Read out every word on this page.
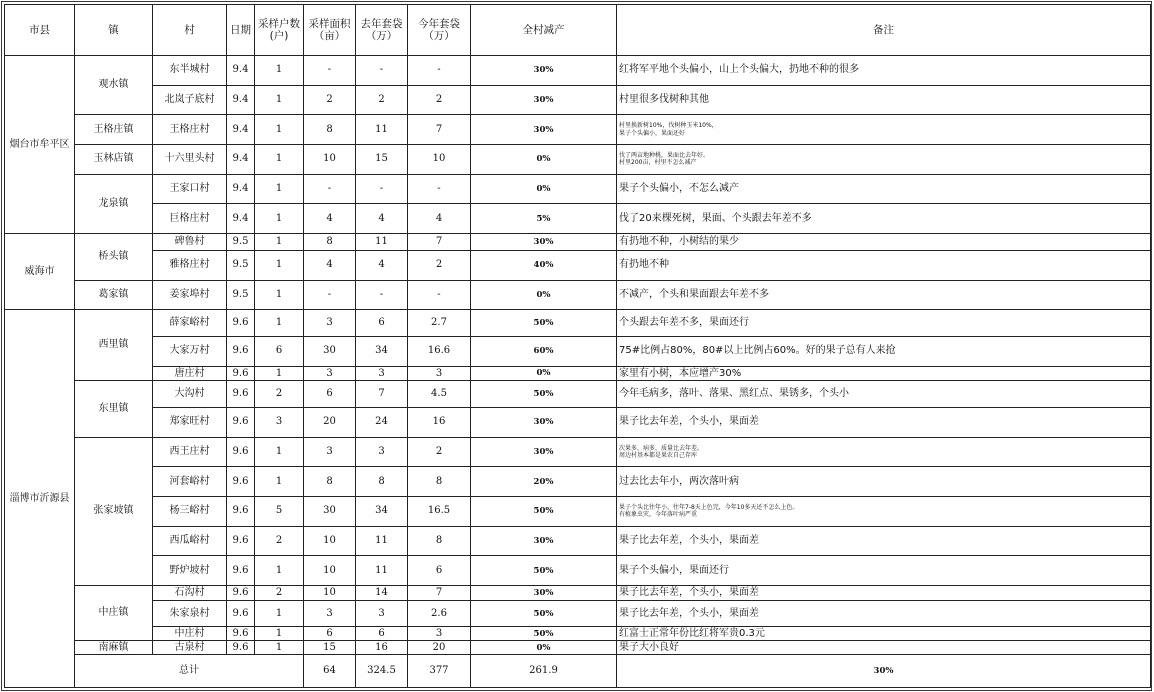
市县	镇	村	日期	采样户数(户)	采样面积（亩）	去年套袋（万）	今年套袋（万）	全村减产	备注	
烟台市牟平区	观水镇	东半城村	9.4	1	-	-	-	30%	红将军平地个头偏小，山上个头偏大，扔地不种的很多	

		北岚子底村	9.4	1	2	2	2	30%	村里很多伐树种其他	

	王格庄镇	王格庄村	9.4	1	8	11	7	30%	村里换新树10%，伐树种玉米10%，
果子个头偏小，果面还好	

	玉林店镇	十六里头村	9.4	1	10	15	10	0%	伐了两亩地种桃，果面比去年好。
村里200亩，村里不怎么减产	

	龙泉镇	王家口村	9.4	1	-	-	-	0%	果子个头偏小，不怎么减产	

		巨格庄村	9.4	1	4	4	4	5%	伐了20来棵死树，果面、个头跟去年差不多	

威海市	桥头镇	碑鲁村	9.5	1	8	11	7	30%	有扔地不种，小树结的果少	

		雅格庄村	9.5	1	4	4	2	40%	有扔地不种	

	葛家镇	姜家埠村	9.5	1	-	-	-	0%	不减产，个头和果面跟去年差不多	

淄博市沂源县	西里镇	薛家峪村	9.6	1	3	6	2.7	50%	个头跟去年差不多，果面还行	

		大家万村	9.6	6	30	34	16.6	60%	75#比例占80%，80#以上比例占60%。好的果子总有人来抢	

		唐庄村	9.6	1	3	3	3	0%	家里有小树，本应增产30%	

	东里镇	大沟村	9.6	2	6	7	4.5	50%	今年毛病多，落叶、落果、黑红点、果锈多，个头小	

		郑家旺村	9.6	3	20	24	16	30%	果子比去年差，个头小，果面差	

	张家坡镇	西王庄村	9.6	1	3	3	2	30%	次果多，病多，质量比去年差。
周边村基本都是果农自己存库	

		河套峪村	9.6	1	8	8	8	20%	过去比去年小，两次落叶病	

		杨三峪村	9.6	5	30	34	16.5	50%	果子个头比往年小，往年7-8天上色完，今年10多天还不怎么上色。
有植象虫灾，今年落叶病严重	

		西瓜峪村	9.6	2	10	11	8	30%	果子比去年差，个头小，果面差	

		野炉坡村	9.6	1	10	11	6	50%	果子个头偏小，果面还行	

	中庄镇	石沟村	9.6	2	10	14	7	30%	果子比去年差，个头小，果面差	

		朱家泉村	9.6	1	3	3	2.6	50%	果子比去年差，个头小，果面差	

		中庄村	9.6	1	6	6	3	50%	红富士正常年份比红将军贵0.3元	

	南麻镇	古泉村	9.6	1	15	16	20	0%	果子大小良好	

	总计				64	324.5	377	261.9	30%	
